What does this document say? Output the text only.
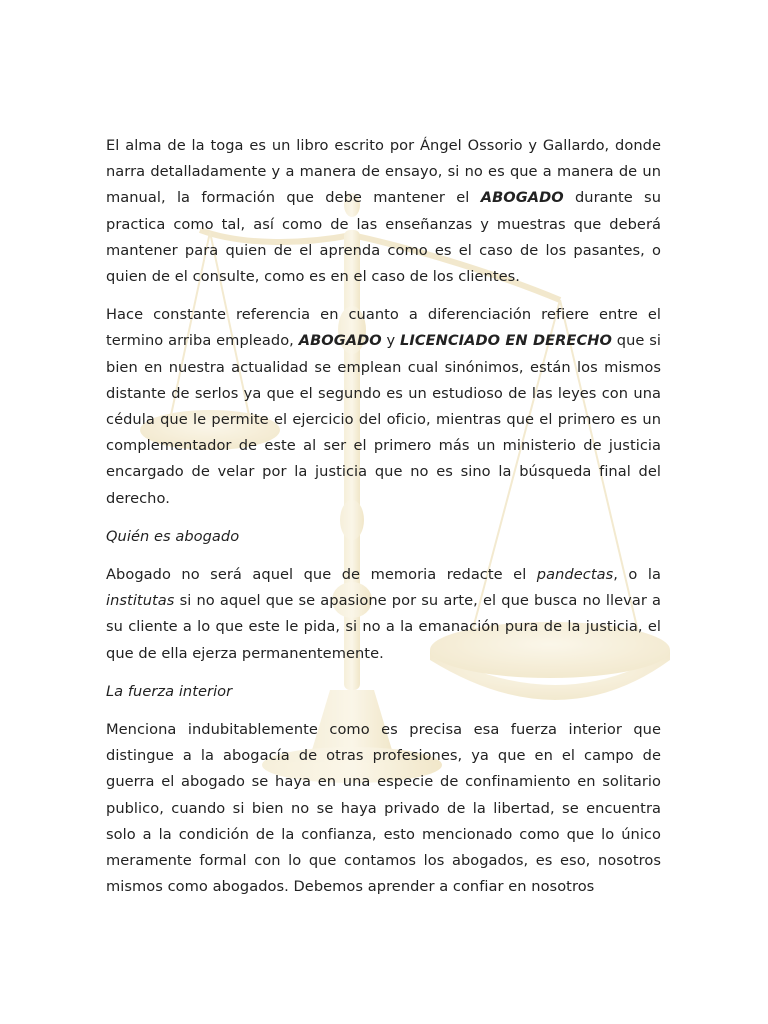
El alma de la toga es un libro escrito por Ángel Ossorio y Gallardo, donde narra detalladamente y a manera de ensayo, si no es que a manera de un manual, la formación que debe mantener el ABOGADO durante su practica como tal, así como de las enseñanzas y muestras que deberá mantener para quien de el aprenda como es el caso de los pasantes, o quien de el consulte, como es en el caso de los clientes.

Hace constante referencia en cuanto a diferenciación refiere entre el termino arriba empleado, ABOGADO y LICENCIADO EN DERECHO que si bien en nuestra actualidad se emplean cual sinónimos, están los mismos distante de serlos ya que el segundo es un estudioso de las leyes con una cédula que le permite el ejercicio del oficio, mientras que el primero es un complementador de este al ser el primero más un ministerio de justicia encargado de velar por la justicia que no es sino la búsqueda final del derecho.

Quién es abogado

Abogado no será aquel que de memoria redacte el pandectas, o la institutas si no aquel que se apasione por su arte, el que busca no llevar a su cliente a lo que este le pida, si no a la emanación pura de la justicia, el que de ella ejerza permanentemente.

La fuerza interior

Menciona indubitablemente como es precisa esa fuerza interior que distingue a la abogacía de otras profesiones, ya que en el campo de guerra el abogado se haya en una especie de confinamiento en solitario publico, cuando si bien no se haya privado de la libertad, se encuentra solo a la condición de la confianza, esto mencionado como que lo único meramente formal con lo que contamos los abogados, es eso, nosotros mismos como abogados. Debemos aprender a confiar en nosotros
